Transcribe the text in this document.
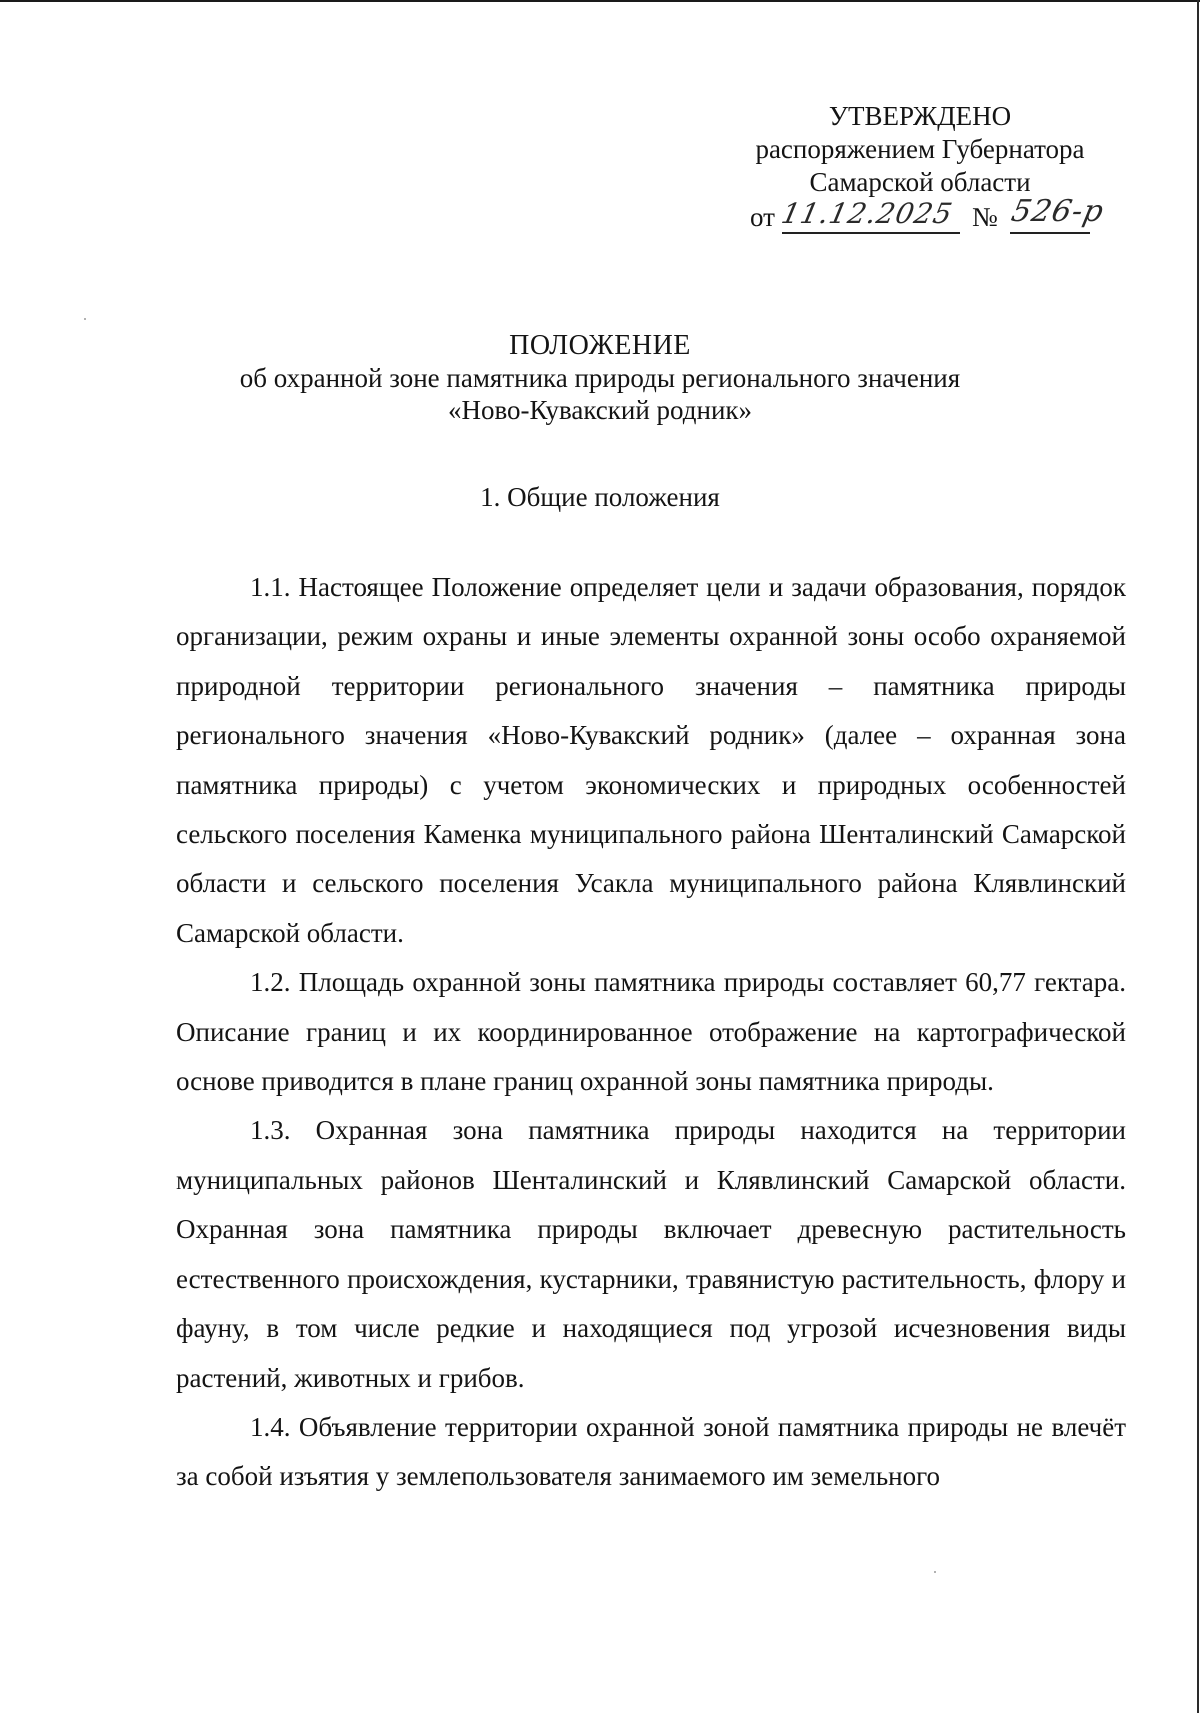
УТВЕРЖДЕНО
распоряжением Губернатора
Самарской области
от 11.12.2025 № 526-р
ПОЛОЖЕНИЕ
об охранной зоне памятника природы регионального значения
«Ново-Кувакский родник»
1. Общие положения

1.1. Настоящее Положение определяет цели и задачи образования, порядок организации, режим охраны и иные элементы охранной зоны особо охраняемой природной территории регионального значения – памятника природы регионального значения «Ново-Кувакский родник» (далее – охранная зона памятника природы) с учетом экономических и природных особенностей сельского поселения Каменка муниципального района Шенталинский Самарской области и сельского поселения Усакла муниципального района Клявлинский Самарской области.

1.2. Площадь охранной зоны памятника природы составляет 60,77 гектара. Описание границ и их координированное отображение на картографической основе приводится в плане границ охранной зоны памятника природы.

1.3. Охранная зона памятника природы находится на территории муниципальных районов Шенталинский и Клявлинский Самарской области. Охранная зона памятника природы включает древесную растительность естественного происхождения, кустарники, травянистую растительность, флору и фауну, в том числе редкие и находящиеся под угрозой исчезновения виды растений, животных и грибов.

1.4. Объявление территории охранной зоной памятника природы не влечёт за собой изъятия у землепользователя занимаемого им земельного
